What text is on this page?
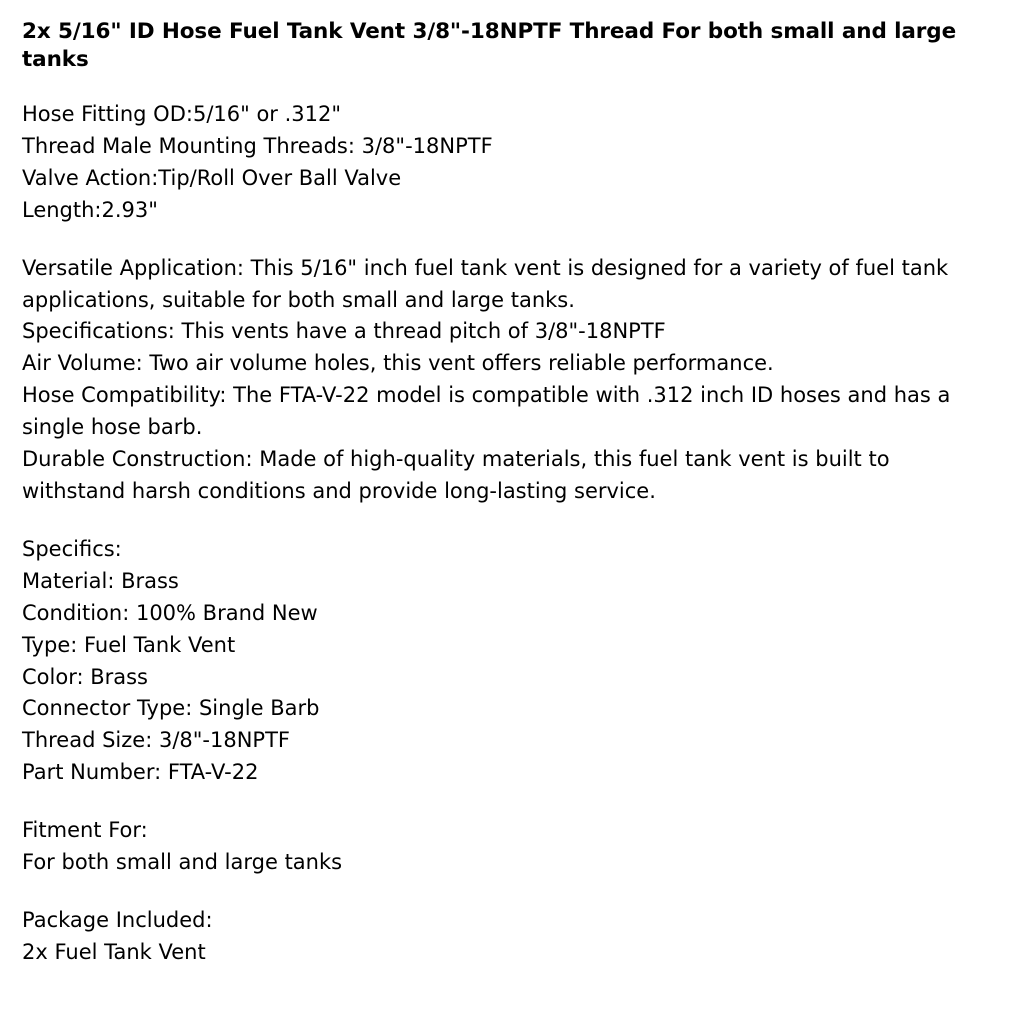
2x 5/16" ID Hose Fuel Tank Vent 3/8"-18NPTF Thread For both small and large tanks
Hose Fitting OD:5/16" or .312"
Thread Male Mounting Threads: 3/8"-18NPTF
Valve Action:Tip/Roll Over Ball Valve
Length:2.93"
Versatile Application: This 5/16" inch fuel tank vent is designed for a variety of fuel tank applications, suitable for both small and large tanks.
Specifications: This vents have a thread pitch of 3/8"-18NPTF
Air Volume: Two air volume holes, this vent offers reliable performance.
Hose Compatibility: The FTA-V-22 model is compatible with .312 inch ID hoses and has a single hose barb.
Durable Construction: Made of high-quality materials, this fuel tank vent is built to withstand harsh conditions and provide long-lasting service.
Specifics:
Material: Brass
Condition: 100% Brand New
Type: Fuel Tank Vent
Color: Brass
Connector Type: Single Barb
Thread Size: 3/8"-18NPTF
Part Number: FTA-V-22
Fitment For:
For both small and large tanks
Package Included:
2x Fuel Tank Vent
